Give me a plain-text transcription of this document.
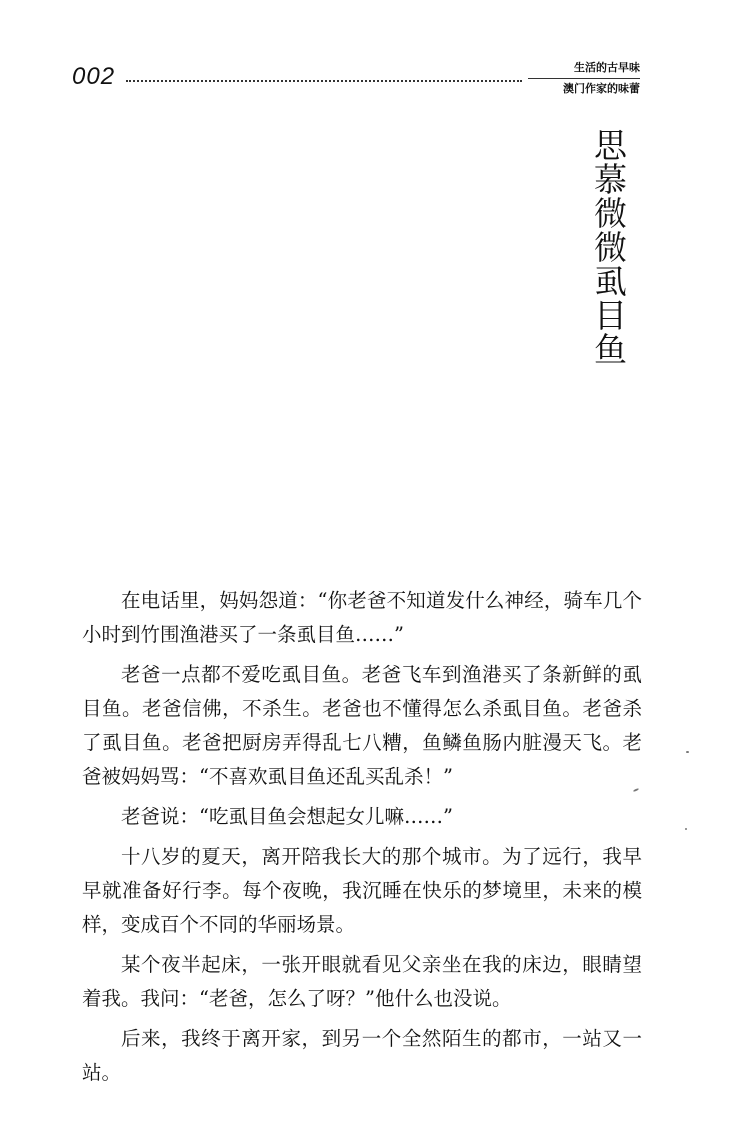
002	生活的古早味
澳门作家的味蕾
思慕微微虱目鱼

在电话里，妈妈怨道：“你老爸不知道发什么神经，骑车几个小时到竹围渔港买了一条虱目鱼……”

老爸一点都不爱吃虱目鱼。老爸飞车到渔港买了条新鲜的虱目鱼。老爸信佛，不杀生。老爸也不懂得怎么杀虱目鱼。老爸杀了虱目鱼。老爸把厨房弄得乱七八糟，鱼鳞鱼肠内脏漫天飞。老爸被妈妈骂：“不喜欢虱目鱼还乱买乱杀！”

老爸说：“吃虱目鱼会想起女儿嘛……”

十八岁的夏天，离开陪我长大的那个城市。为了远行，我早早就准备好行李。每个夜晚，我沉睡在快乐的梦境里，未来的模样，变成百个不同的华丽场景。

某个夜半起床，一张开眼就看见父亲坐在我的床边，眼睛望着我。我问：“老爸，怎么了呀？”他什么也没说。

后来，我终于离开家，到另一个全然陌生的都市，一站又一站。
